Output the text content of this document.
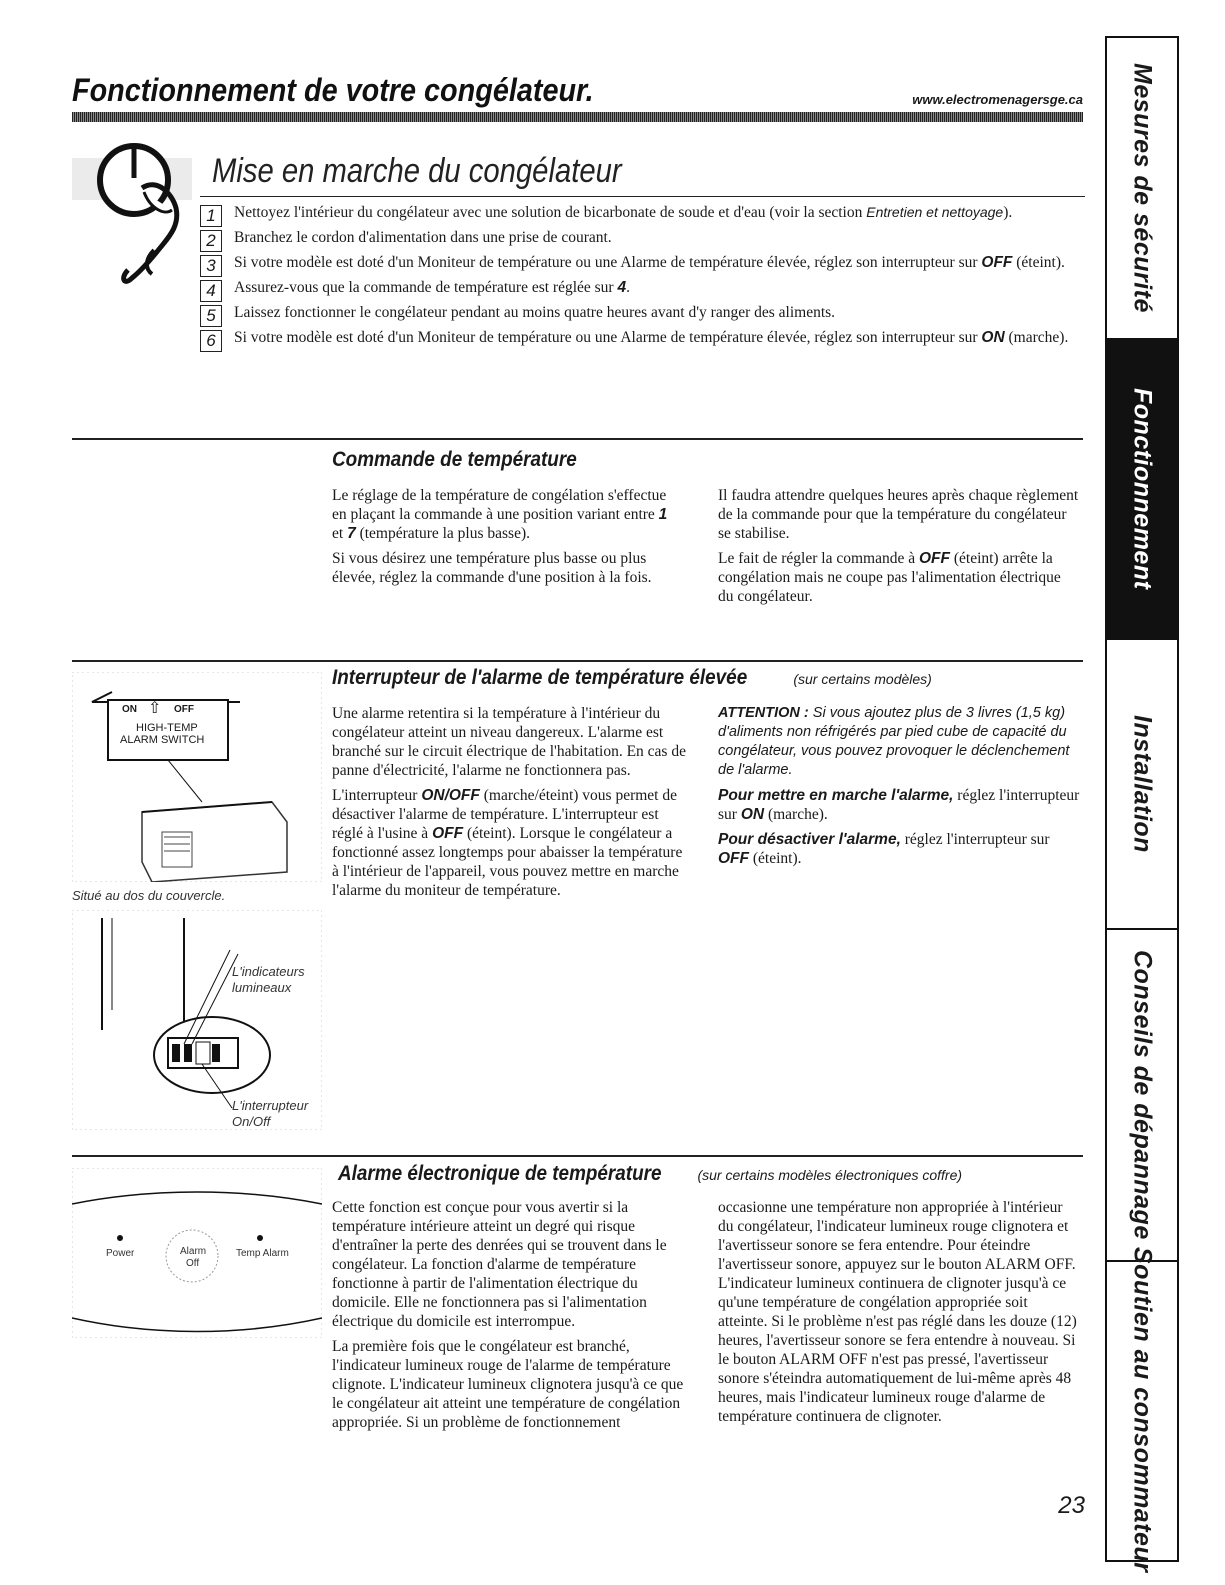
Fonctionnement de votre congélateur.	www.electromenagersge.ca
Mise en marche du congélateur
1	Nettoyez l'intérieur du congélateur avec une solution de bicarbonate de soude et d'eau (voir la section Entretien et nettoyage).
2	Branchez le cordon d'alimentation dans une prise de courant.
3	Si votre modèle est doté d'un Moniteur de température ou une Alarme de température élevée, réglez son interrupteur sur OFF (éteint).
4	Assurez-vous que la commande de température est réglée sur 4.
5	Laissez fonctionner le congélateur pendant au moins quatre heures avant d'y ranger des aliments.
6	Si votre modèle est doté d'un Moniteur de température ou une Alarme de température élevée, réglez son interrupteur sur ON (marche).
Commande de température

Le réglage de la température de congélation s'effectue en plaçant la commande à une position variant entre 1 et 7 (température la plus basse).

Si vous désirez une température plus basse ou plus élevée, réglez la commande d'une position à la fois.

Il faudra attendre quelques heures après chaque règlement de la commande pour que la température du congélateur se stabilise.

Le fait de régler la commande à OFF (éteint) arrête la congélation mais ne coupe pas l'alimentation électrique du congélateur.

ON ⇧ OFF
HIGH-TEMP
ALARM SWITCH
Situé au dos du couvercle.
L'indicateurs
lumineaux
L'interrupteur
On/Off
Interrupteur de l'alarme de température élevée	(sur certains modèles)

Une alarme retentira si la température à l'intérieur du congélateur atteint un niveau dangereux. L'alarme est branché sur le circuit électrique de l'habitation. En cas de panne d'électricité, l'alarme ne fonctionnera pas.

L'interrupteur ON/OFF (marche/éteint) vous permet de désactiver l'alarme de température. L'interrupteur est réglé à l'usine à OFF (éteint). Lorsque le congélateur a fonctionné assez longtemps pour abaisser la température à l'intérieur de l'appareil, vous pouvez mettre en marche l'alarme du moniteur de température.

ATTENTION : Si vous ajoutez plus de 3 livres (1,5 kg) d'aliments non réfrigérés par pied cube de capacité du congélateur, vous pouvez provoquer le déclenchement de l'alarme.

Pour mettre en marche l'alarme, réglez l'interrupteur sur ON (marche).

Pour désactiver l'alarme, réglez l'interrupteur sur OFF (éteint).

Power	Alarm
Off
Temp Alarm
Alarme électronique de température	(sur certains modèles électroniques coffre)

Cette fonction est conçue pour vous avertir si la température intérieure atteint un degré qui risque d'entraîner la perte des denrées qui se trouvent dans le congélateur. La fonction d'alarme de température fonctionne à partir de l'alimentation électrique du domicile. Elle ne fonctionnera pas si l'alimentation électrique du domicile est interrompue.

La première fois que le congélateur est branché, l'indicateur lumineux rouge de l'alarme de température clignote. L'indicateur lumineux clignotera jusqu'à ce que le congélateur ait atteint une température de congélation appropriée. Si un problème de fonctionnement

occasionne une température non appropriée à l'intérieur du congélateur, l'indicateur lumineux rouge clignotera et l'avertisseur sonore se fera entendre. Pour éteindre l'avertisseur sonore, appuyez sur le bouton ALARM OFF. L'indicateur lumineux continuera de clignoter jusqu'à ce qu'une température de congélation appropriée soit atteinte. Si le problème n'est pas réglé dans les douze (12) heures, l'avertisseur sonore se fera entendre à nouveau. Si le bouton ALARM OFF n'est pas pressé, l'avertisseur sonore s'éteindra automatiquement de lui-même après 48 heures, mais l'indicateur lumineux rouge d'alarme de température continuera de clignoter.

23
Mesures de sécurité
Fonctionnement
Installation
Conseils de dépannage
Soutien au consommateur
